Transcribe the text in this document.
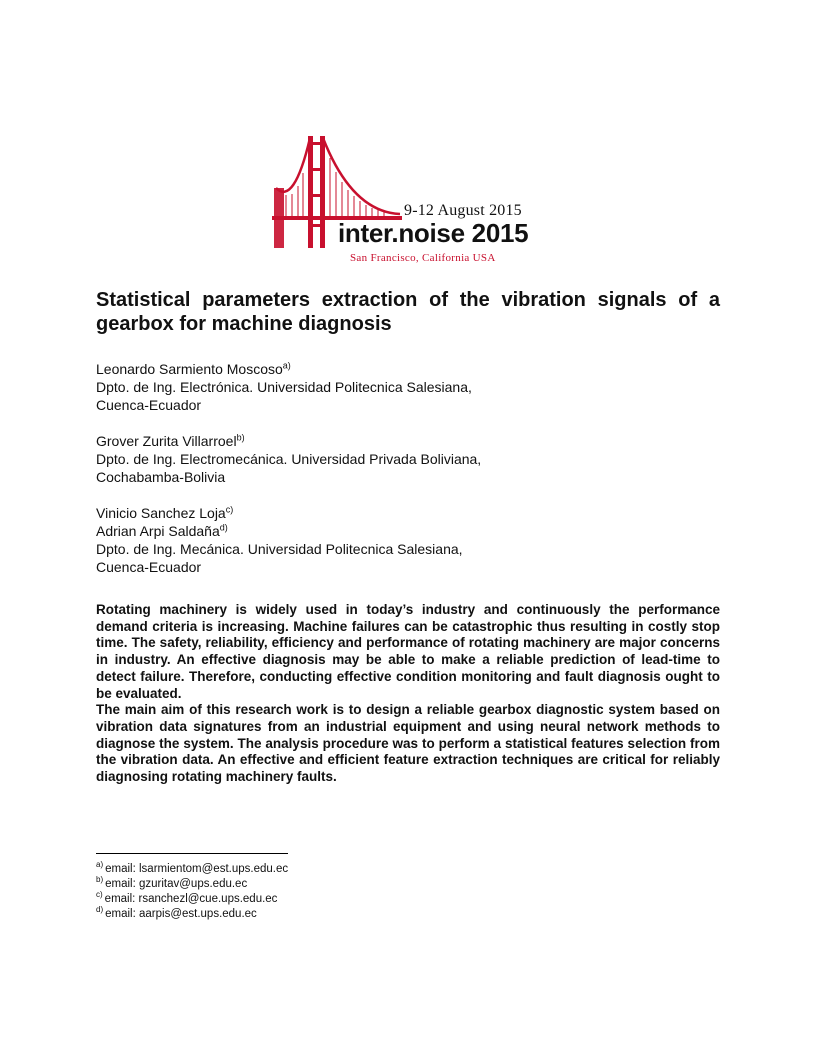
9-12 August 2015
inter.noise 2015
San Francisco, California USA
Statistical parameters extraction of the vibration signals of a gearbox for machine diagnosis
Leonardo Sarmiento Moscoso$^{a)}$
Dpto. de Ing. Electrónica. Universidad Politecnica Salesiana,
Cuenca-Ecuador
Grover Zurita Villarroel$^{b)}$
Dpto. de Ing. Electromecánica. Universidad Privada Boliviana,
Cochabamba-Bolivia
Vinicio Sanchez Loja$^{c)}$
Adrian Arpi Saldaña$^{d)}$
Dpto. de Ing. Mecánica. Universidad Politecnica Salesiana,
Cuenca-Ecuador

Rotating machinery is widely used in today’s industry and continuously the performance demand criteria is increasing. Machine failures can be catastrophic thus resulting in costly stop time. The safety, reliability, efficiency and performance of rotating machinery are major concerns in industry. An effective diagnosis may be able to make a reliable prediction of lead-time to detect failure. Therefore, conducting effective condition monitoring and fault diagnosis ought to be evaluated.

The main aim of this research work is to design a reliable gearbox diagnostic system based on vibration data signatures from an industrial equipment and using neural network methods to diagnose the system. The analysis procedure was to perform a statistical features selection from the vibration data. An effective and efficient feature extraction techniques are critical for reliably diagnosing rotating machinery faults.

$^{a)}$ email: lsarmientom@est.ups.edu.ec
$^{b)}$ email: gzuritav@ups.edu.ec
$^{c)}$ email: rsanchezl@cue.ups.edu.ec
$^{d)}$ email: aarpis@est.ups.edu.ec
